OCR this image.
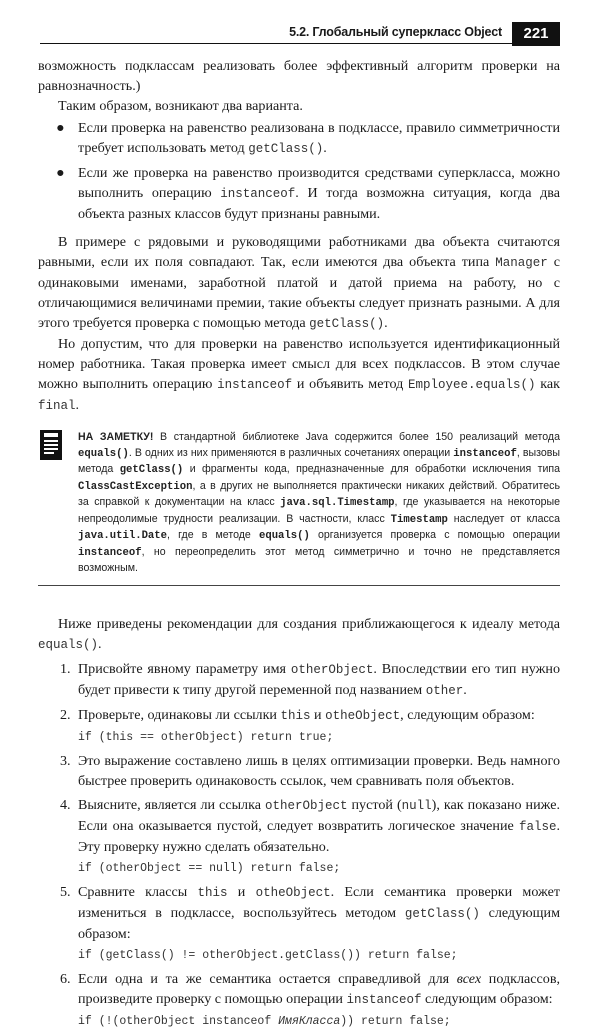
5.2. Глобальный суперкласс Object	221

возможность подклассам реализовать более эффективный алгоритм проверки на равнозначность.)

Таким образом, возникают два варианта.

● Если проверка на равенство реализована в подклассе, правило симметричности требует использовать метод getClass().
● Если же проверка на равенство производится средствами суперкласса, можно выполнить операцию instanceof. И тогда возможна ситуация, когда два объекта разных классов будут признаны равными.

В примере с рядовыми и руководящими работниками два объекта считаются равными, если их поля совпадают. Так, если имеются два объекта типа Manager с одинаковыми именами, заработной платой и датой приема на работу, но с отличающимися величинами премии, такие объекты следует признать разными. А для этого требуется проверка с помощью метода getClass().

Но допустим, что для проверки на равенство используется идентификационный номер работника. Такая проверка имеет смысл для всех подклассов. В этом случае можно выполнить операцию instanceof и объявить метод Employee.equals() как final.

НА ЗАМЕТКУ! В стандартной библиотеке Java содержится более 150 реализаций метода equals(). В одних из них применяются в различных сочетаниях операции instanceof, вызовы метода getClass() и фрагменты кода, предназначенные для обработки исключения типа ClassCastException, а в других не выполняется практически никаких действий. Обратитесь за справкой к документации на класс java.sql.Timestamp, где указывается на некоторые непреодолимые трудности реализации. В частности, класс Timestamp наследует от класса java.util.Date, где в методе equals() организуется проверка с помощью операции instanceof, но переопределить этот метод симметрично и точно не представляется возможным.

Ниже приведены рекомендации для создания приближающегося к идеалу метода equals().

1. Присвойте явному параметру имя otherObject. Впоследствии его тип нужно будет привести к типу другой переменной под названием other.
2. Проверьте, одинаковы ли ссылки this и otheObject, следующим образом:
if (this == otherObject) return true;
3. Это выражение составлено лишь в целях оптимизации проверки. Ведь намного быстрее проверить одинаковость ссылок, чем сравнивать поля объектов.
4. Выясните, является ли ссылка otherObject пустой (null), как показано ниже. Если она оказывается пустой, следует возвратить логическое значение false. Эту проверку нужно сделать обязательно.
if (otherObject == null) return false;
5. Сравните классы this и otheObject. Если семантика проверки может измениться в подклассе, воспользуйтесь методом getClass() следующим образом:
if (getClass() != otherObject.getClass()) return false;
6. Если одна и та же семантика остается справедливой для всех подклассов, произведите проверку с помощью операции instanceof следующим образом:
if (!(otherObject instanceof ИмяКласса)) return false;
